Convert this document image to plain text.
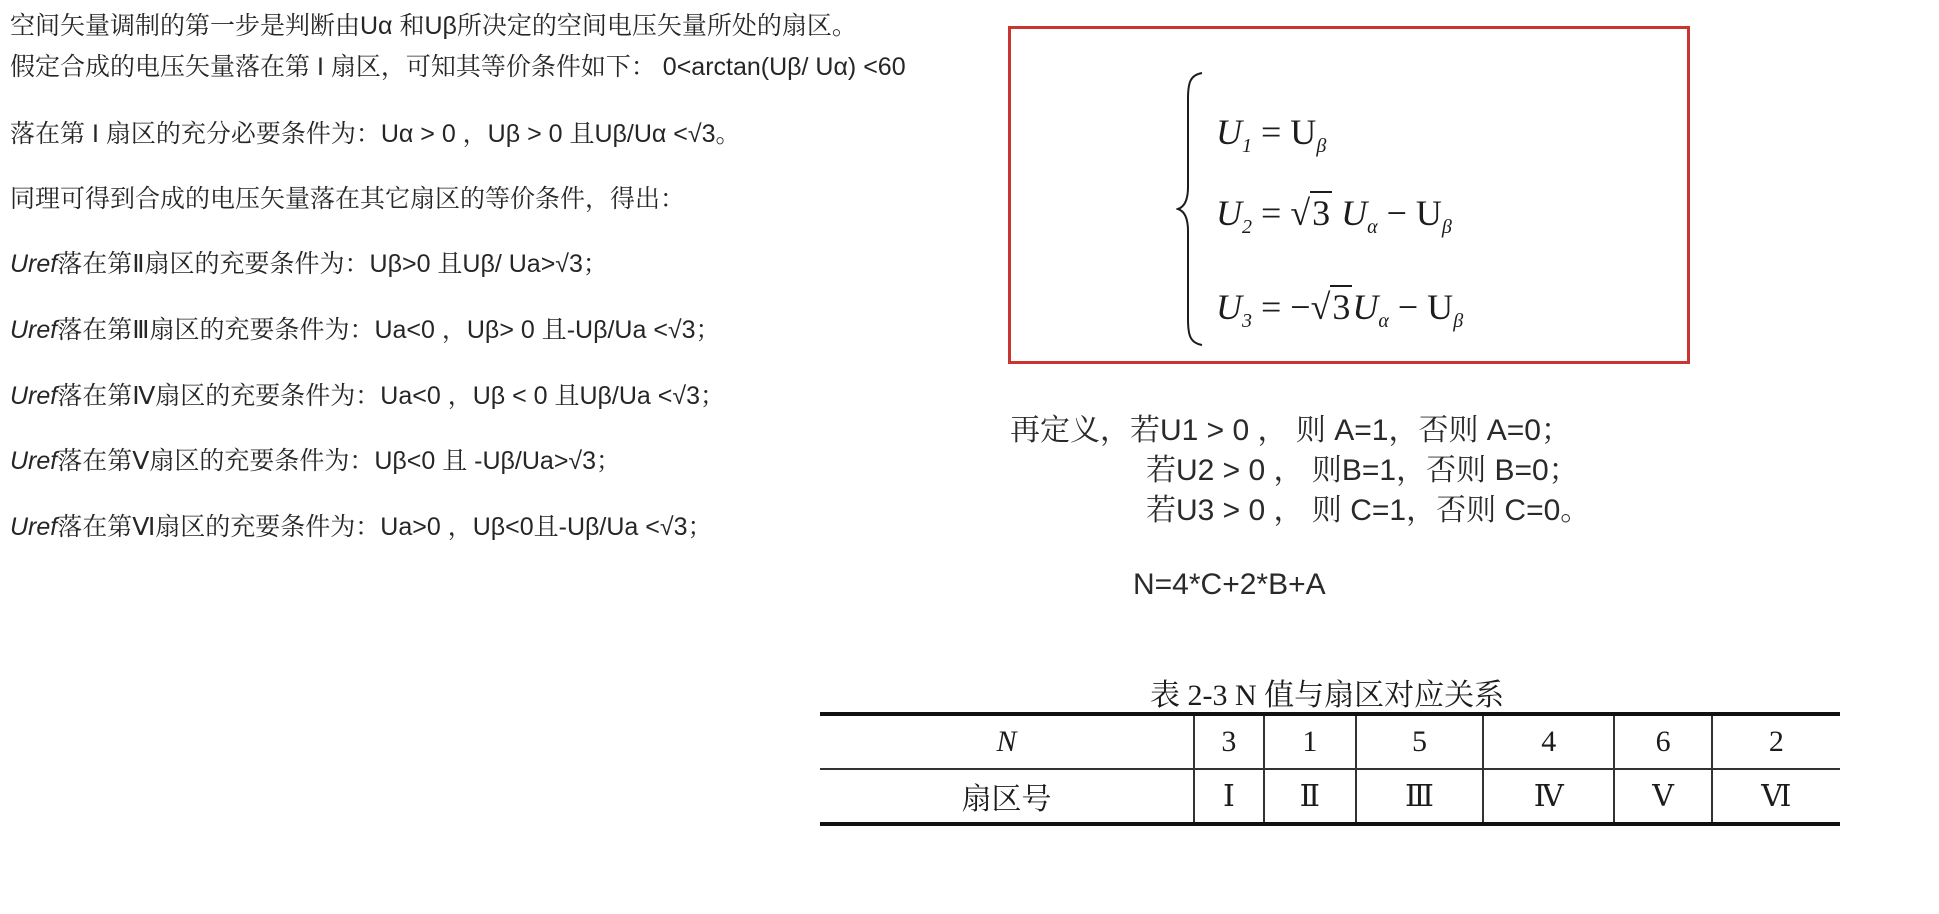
空间矢量调制的第一步是判断由Uα 和Uβ所决定的空间电压矢量所处的扇区。
假定合成的电压矢量落在第 I 扇区，可知其等价条件如下： 0<arctan(Uβ/ Uα) <60
落在第 I 扇区的充分必要条件为：Uα > 0 ，Uβ > 0 且Uβ/Uα <√3。
同理可得到合成的电压矢量落在其它扇区的等价条件，得出：
Uref落在第Ⅱ扇区的充要条件为：Uβ>0 且Uβ/ Ua>√3；
Uref落在第Ⅲ扇区的充要条件为：Ua<0 ，Uβ> 0 且-Uβ/Ua <√3；
Uref落在第Ⅳ扇区的充要条件为：Ua<0 ，Uβ < 0 且Uβ/Ua <√3；
Uref落在第Ⅴ扇区的充要条件为：Uβ<0 且 -Uβ/Ua>√3；
Uref落在第Ⅵ扇区的充要条件为：Ua>0 ，Uβ<0且-Uβ/Ua <√3；
$U_1 = U_\beta$
$U_2 = √3$ $U_\alpha - U_\beta$
$U_3 = -√3U_\alpha - U_\beta$
再定义，若U1 > 0 ， 则 A=1，否则 A=0；
若U2 > 0 ， 则B=1，否则 B=0；
若U3 > 0 ， 则 C=1，否则 C=0。
N=4*C+2*B+A
表 2-3 N 值与扇区对应关系
N	3	1	5	4	6	2
扇区号	Ⅰ	Ⅱ	Ⅲ	Ⅳ	Ⅴ	Ⅵ
